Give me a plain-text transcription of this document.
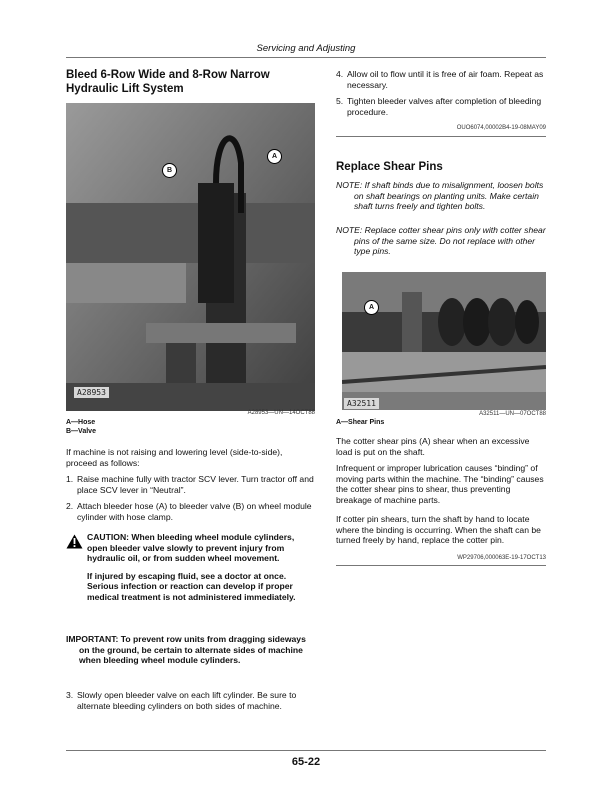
Servicing and Adjusting
Bleed 6-Row Wide and 8-Row Narrow Hydraulic Lift System
B
A
A28953
A28953—UN—14OCT88
A—Hose
B—Valve
If machine is not raising and lowering level (side-to-side), proceed as follows:
1. Raise machine fully with tractor SCV lever. Turn tractor off and place SCV lever in “Neutral”.
2. Attach bleeder hose (A) to bleeder valve (B) on wheel module cylinder with hose clamp.
CAUTION: When bleeding wheel module cylinders, open bleeder valve slowly to prevent injury from hydraulic oil, or from sudden wheel movement.
If injured by escaping fluid, see a doctor at once. Serious infection or reaction can develop if proper medical treatment is not administered immediately.
IMPORTANT: To prevent row units from dragging sideways on the ground, be certain to alternate sides of machine when bleeding wheel module cylinders.
3. Slowly open bleeder valve on each lift cylinder. Be sure to alternate bleeding cylinders on both sides of machine.
4. Allow oil to flow until it is free of air foam. Repeat as necessary.
5. Tighten bleeder valves after completion of bleeding procedure.
OUO6074,00002B4-19-08MAY09
Replace Shear Pins
NOTE: If shaft binds due to misalignment, loosen bolts on shaft bearings on planting units. Make certain shaft turns freely and tighten bolts.
NOTE: Replace cotter shear pins only with cotter shear pins of the same size. Do not replace with other type pins.
A
A32511
A32511—UN—07OCT88
A—Shear Pins
The cotter shear pins (A) shear when an excessive load is put on the shaft.
Infrequent or improper lubrication causes “binding” of moving parts within the machine. The “binding” causes the cotter shear pins to shear, thus preventing breakage of machine parts.
If cotter pin shears, turn the shaft by hand to locate where the binding is occurring. When the shaft can be turned freely by hand, replace the cotter pin.
WP29706,000063E-19-17OCT13
65-22
